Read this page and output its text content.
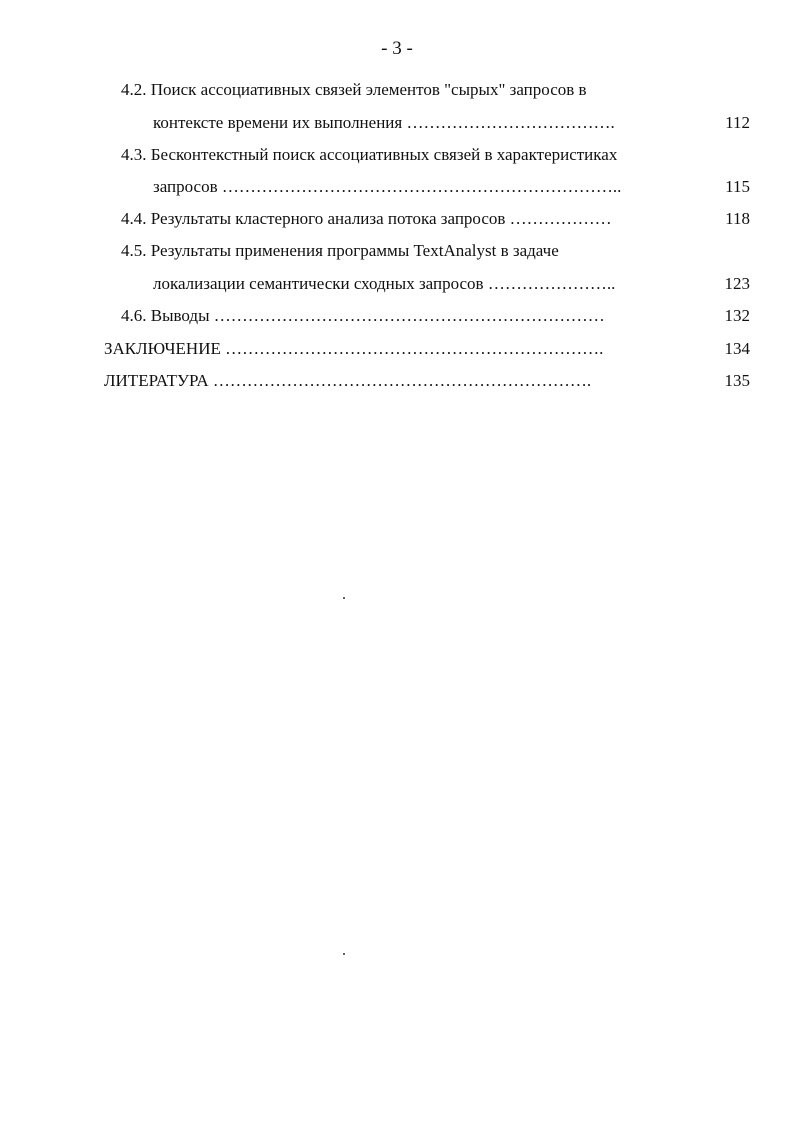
- 3 -
4.2. Поиск ассоциативных связей элементов "сырых" запросов в
контексте времени их выполнения ……………………………….	112
4.3. Бесконтекстный поиск ассоциативных связей в характеристиках
запросов ……………………………………………………………..	115
4.4. Результаты кластерного анализа потока запросов ………………	118
4.5. Результаты применения программы TextAnalyst в задаче
локализации семантически сходных запросов …………………..	123
4.6. Выводы ……………………………………………………………	132
ЗАКЛЮЧЕНИЕ ………………………………………………………….	134
ЛИТЕРАТУРА ………………………………………………………….	135
